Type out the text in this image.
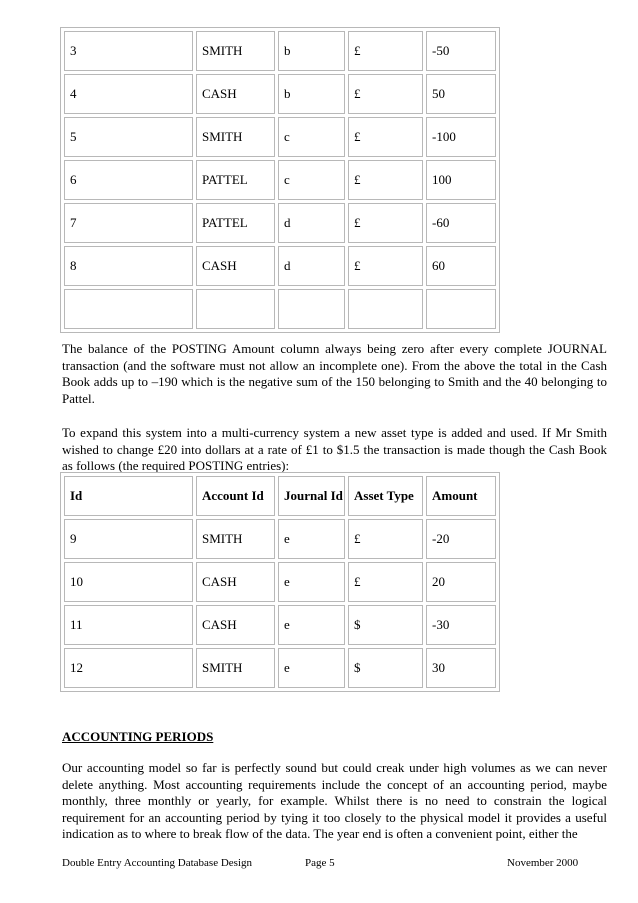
3	SMITH	b	£	-50
4	CASH	b	£	50
5	SMITH	c	£	-100
6	PATTEL	c	£	100
7	PATTEL	d	£	-60
8	CASH	d	£	60

The balance of the POSTING Amount column always being zero after every complete JOURNAL transaction (and the software must not allow an incomplete one). From the above the total in the Cash Book adds up to –190 which is the negative sum of the 150 belonging to Smith and the 40 belonging to Pattel.

To expand this system into a multi-currency system a new asset type is added and used. If Mr Smith wished to change £20 into dollars at a rate of £1 to $1.5 the transaction is made though the Cash Book as follows (the required POSTING entries):

Id	Account Id	Journal Id	Asset Type	Amount
9	SMITH	e	£	-20
10	CASH	e	£	20
11	CASH	e	$	-30
12	SMITH	e	$	30
ACCOUNTING PERIODS

Our accounting model so far is perfectly sound but could creak under high volumes as we can never delete anything. Most accounting requirements include the concept of an accounting period, maybe monthly, three monthly or yearly, for example. Whilst there is no need to constrain the logical requirement for an accounting period by tying it too closely to the physical model it provides a useful indication as to where to break flow of the data. The year end is often a convenient point, either the

Double Entry Accounting Database Design	Page 5	November 2000
